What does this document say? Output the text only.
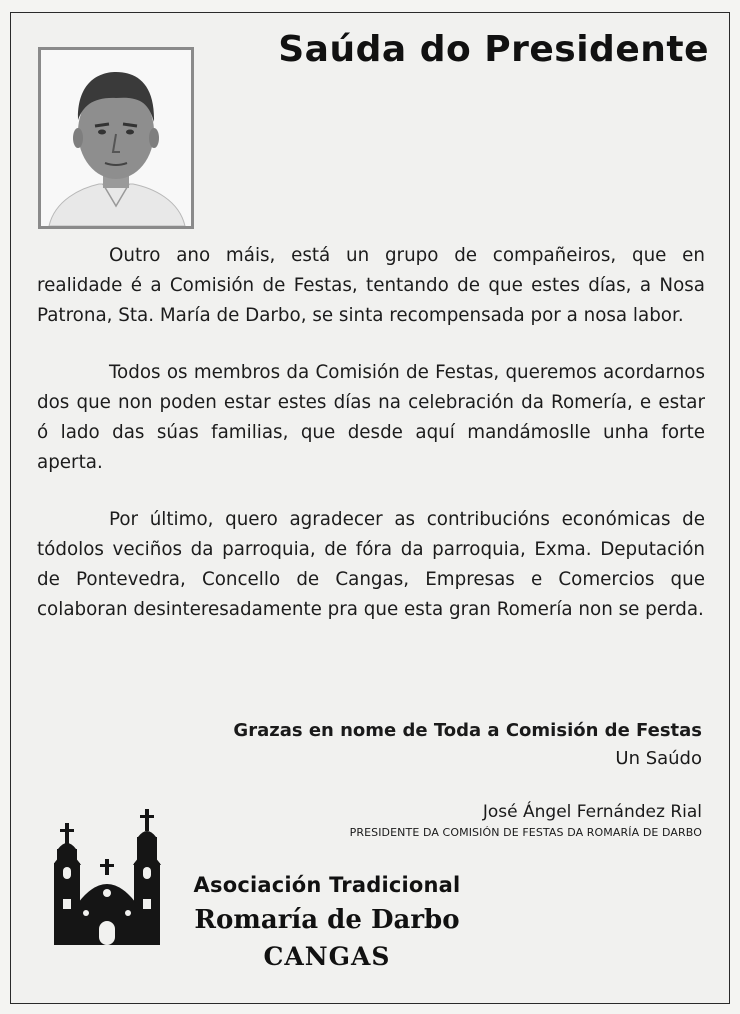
Saúda do Presidente

Outro ano máis, está un grupo de compañeiros, que en realidade é a Comisión de Festas, tentando de que estes días, a Nosa Patrona, Sta. María de Darbo, se sinta recompensada por a nosa labor.

Todos os membros da Comisión de Festas, queremos acordarnos dos que non poden estar estes días na celebración da Romería, e estar ó lado das súas familias, que desde aquí mandámoslle unha forte aperta.

Por último, quero agradecer as contribucións económicas de tódolos veciños da parroquia, de fóra da parroquia, Exma. Deputación de Pontevedra, Concello de Cangas, Empresas e Comercios que colaboran desinteresadamente pra que esta gran Romería non se perda.

Grazas en nome de Toda a Comisión de Festas
Un Saúdo
José Ángel Fernández Rial
PRESIDENTE DA COMISIÓN DE FESTAS DA ROMARÍA DE DARBO
Asociación Tradicional
Romaría de Darbo
CANGAS
